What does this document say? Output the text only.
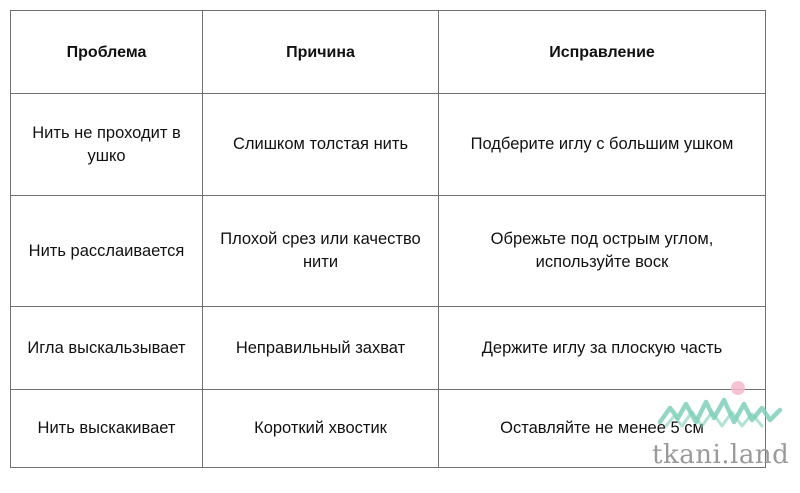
Проблема	Причина	Исправление
Нить не проходит в ушко	Слишком толстая нить	Подберите иглу с большим ушком
Нить расслаивается	Плохой срез или качество нити	Обрежьте под острым углом, используйте воск
Игла выскальзывает	Неправильный захват	Держите иглу за плоскую часть
Нить выскакивает	Короткий хвостик	Оставляйте не менее 5 см
tkani.land
